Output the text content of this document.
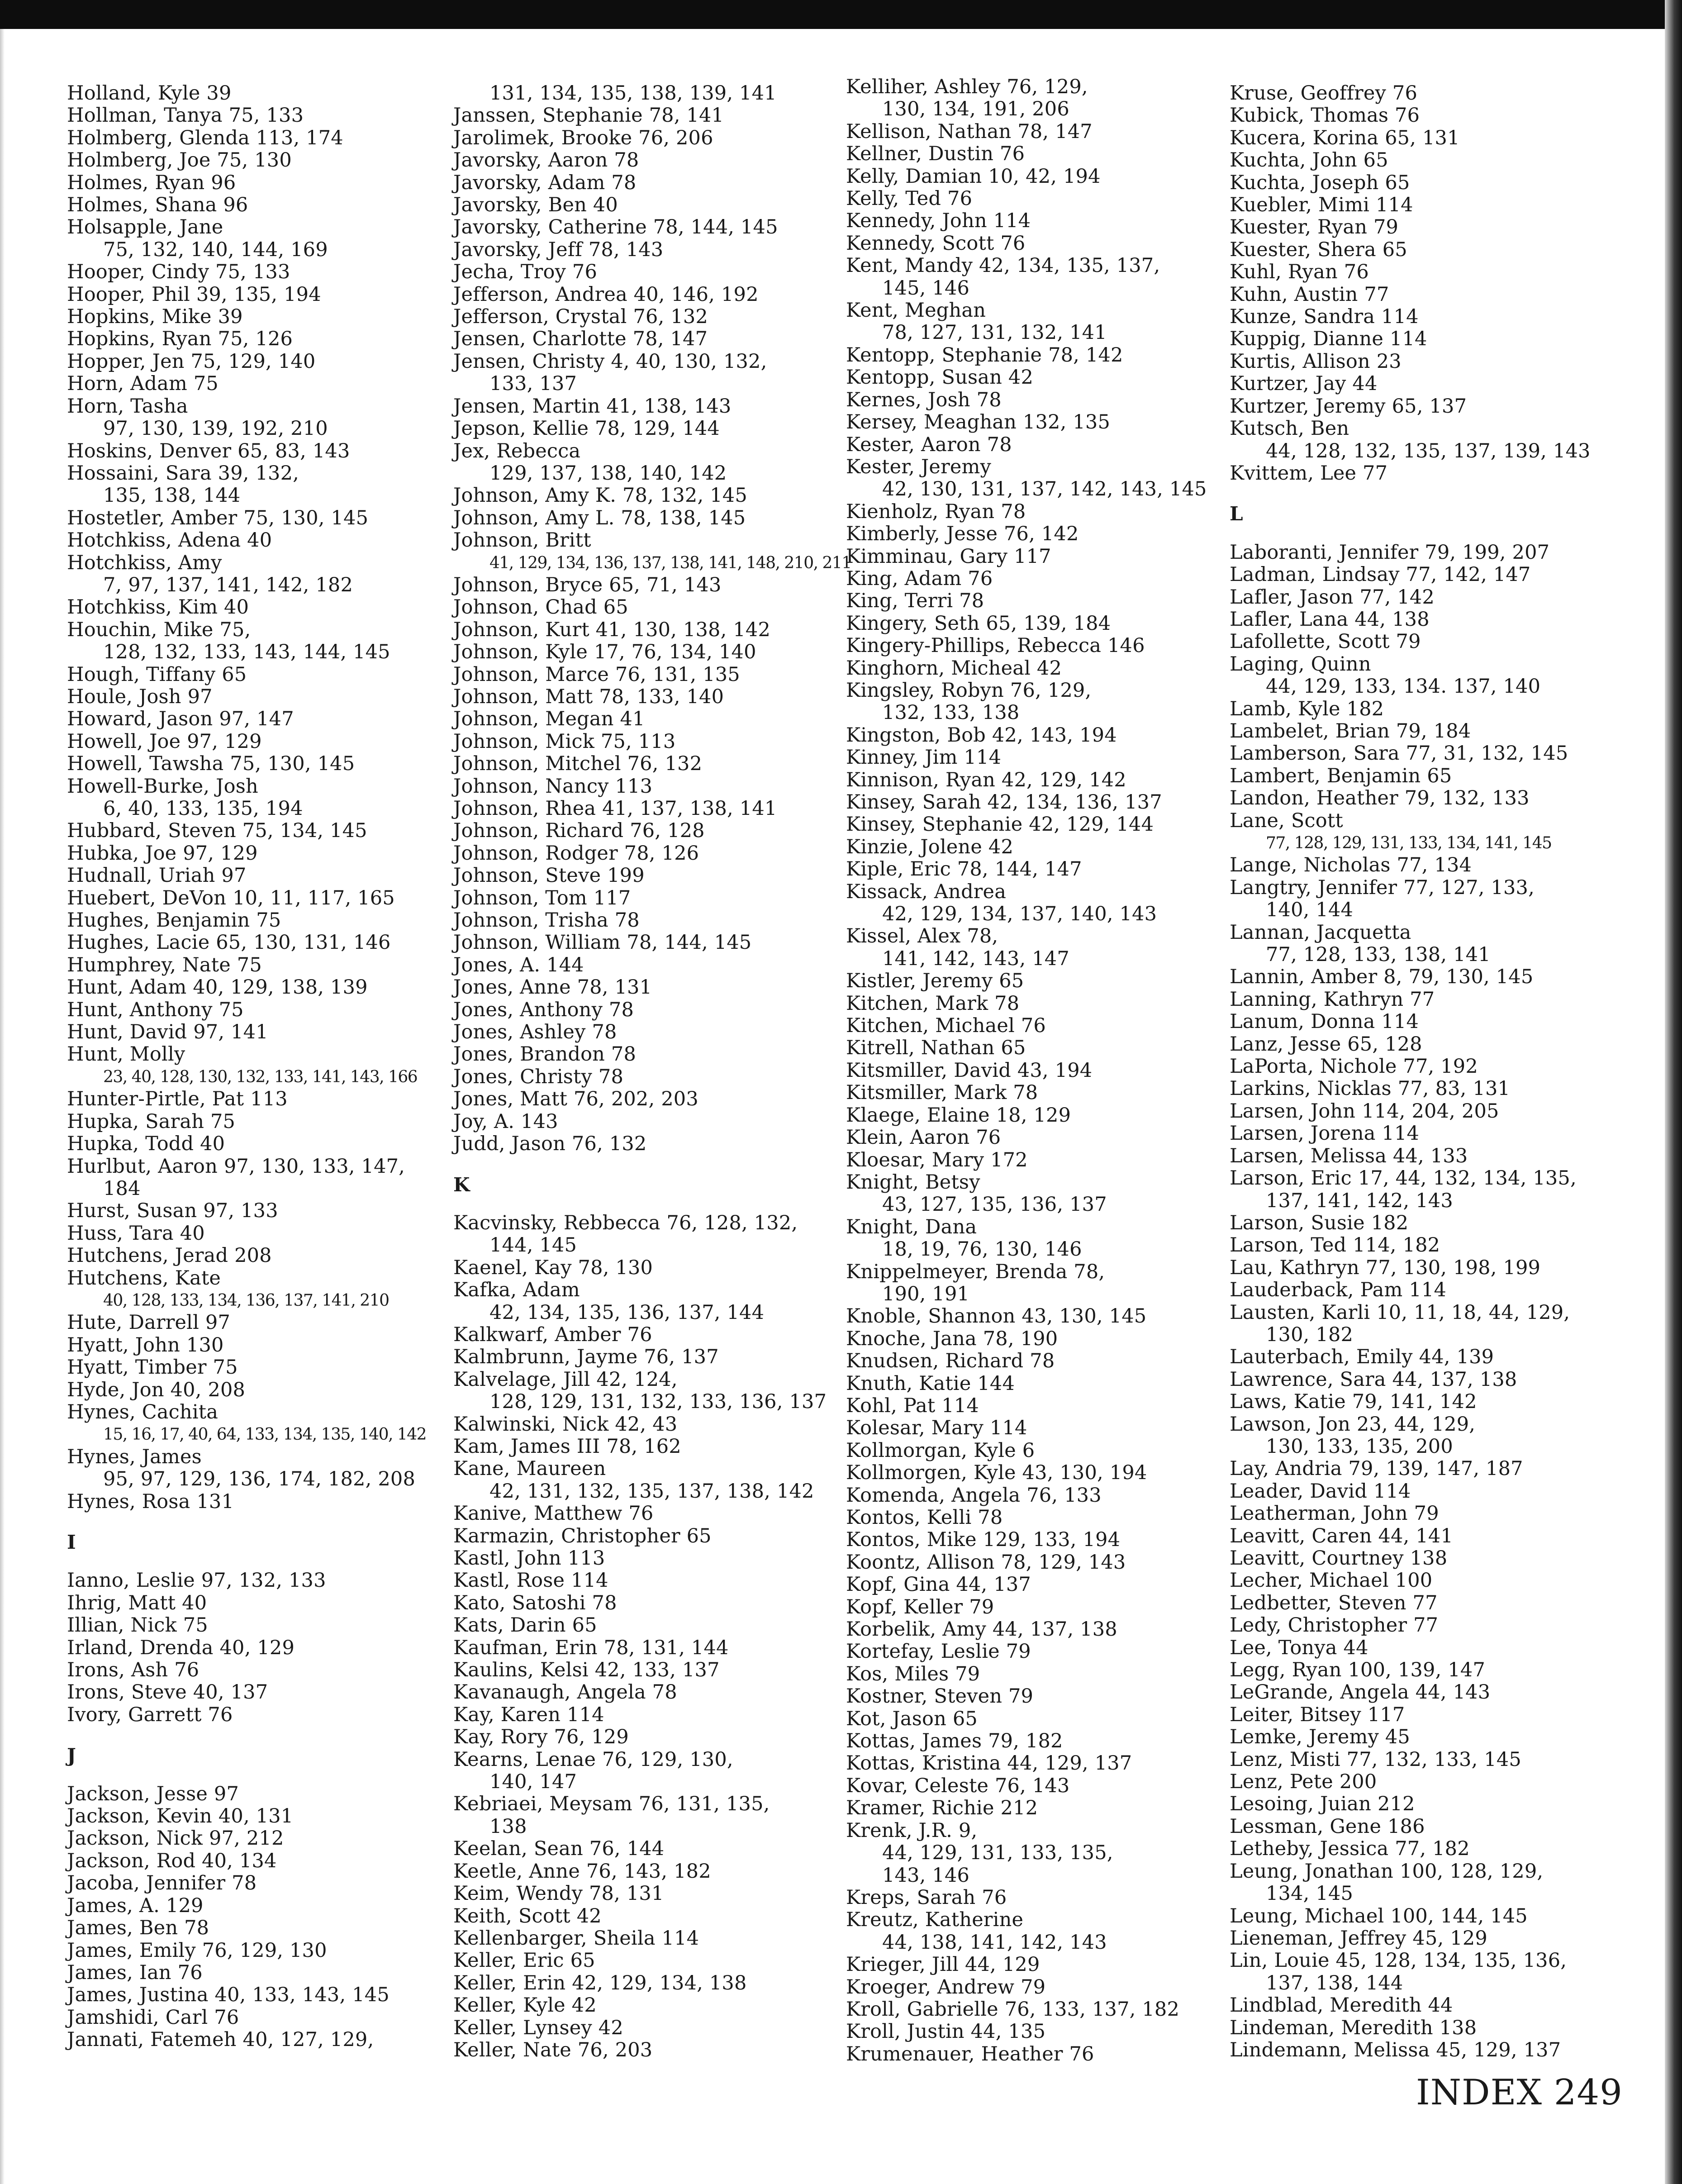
Holland, Kyle 39
Hollman, Tanya 75, 133
Holmberg, Glenda 113, 174
Holmberg, Joe 75, 130
Holmes, Ryan 96
Holmes, Shana 96
Holsapple, Jane
75, 132, 140, 144, 169
Hooper, Cindy 75, 133
Hooper, Phil 39, 135, 194
Hopkins, Mike 39
Hopkins, Ryan 75, 126
Hopper, Jen 75, 129, 140
Horn, Adam 75
Horn, Tasha
97, 130, 139, 192, 210
Hoskins, Denver 65, 83, 143
Hossaini, Sara 39, 132,
135, 138, 144
Hostetler, Amber 75, 130, 145
Hotchkiss, Adena 40
Hotchkiss, Amy
7, 97, 137, 141, 142, 182
Hotchkiss, Kim 40
Houchin, Mike 75,
128, 132, 133, 143, 144, 145
Hough, Tiffany 65
Houle, Josh 97
Howard, Jason 97, 147
Howell, Joe 97, 129
Howell, Tawsha 75, 130, 145
Howell-Burke, Josh
6, 40, 133, 135, 194
Hubbard, Steven 75, 134, 145
Hubka, Joe 97, 129
Hudnall, Uriah 97
Huebert, DeVon 10, 11, 117, 165
Hughes, Benjamin 75
Hughes, Lacie 65, 130, 131, 146
Humphrey, Nate 75
Hunt, Adam 40, 129, 138, 139
Hunt, Anthony 75
Hunt, David 97, 141
Hunt, Molly
23, 40, 128, 130, 132, 133, 141, 143, 166
Hunter-Pirtle, Pat 113
Hupka, Sarah 75
Hupka, Todd 40
Hurlbut, Aaron 97, 130, 133, 147,
184
Hurst, Susan 97, 133
Huss, Tara 40
Hutchens, Jerad 208
Hutchens, Kate
40, 128, 133, 134, 136, 137, 141, 210
Hute, Darrell 97
Hyatt, John 130
Hyatt, Timber 75
Hyde, Jon 40, 208
Hynes, Cachita
15, 16, 17, 40, 64, 133, 134, 135, 140, 142
Hynes, James
95, 97, 129, 136, 174, 182, 208
Hynes, Rosa 131
I
Ianno, Leslie 97, 132, 133
Ihrig, Matt 40
Illian, Nick 75
Irland, Drenda 40, 129
Irons, Ash 76
Irons, Steve 40, 137
Ivory, Garrett 76
J
Jackson, Jesse 97
Jackson, Kevin 40, 131
Jackson, Nick 97, 212
Jackson, Rod 40, 134
Jacoba, Jennifer 78
James, A. 129
James, Ben 78
James, Emily 76, 129, 130
James, Ian 76
James, Justina 40, 133, 143, 145
Jamshidi, Carl 76
Jannati, Fatemeh 40, 127, 129,
131, 134, 135, 138, 139, 141
Janssen, Stephanie 78, 141
Jarolimek, Brooke 76, 206
Javorsky, Aaron 78
Javorsky, Adam 78
Javorsky, Ben 40
Javorsky, Catherine 78, 144, 145
Javorsky, Jeff 78, 143
Jecha, Troy 76
Jefferson, Andrea 40, 146, 192
Jefferson, Crystal 76, 132
Jensen, Charlotte 78, 147
Jensen, Christy 4, 40, 130, 132,
133, 137
Jensen, Martin 41, 138, 143
Jepson, Kellie 78, 129, 144
Jex, Rebecca
129, 137, 138, 140, 142
Johnson, Amy K. 78, 132, 145
Johnson, Amy L. 78, 138, 145
Johnson, Britt
41, 129, 134, 136, 137, 138, 141, 148, 210, 211
Johnson, Bryce 65, 71, 143
Johnson, Chad 65
Johnson, Kurt 41, 130, 138, 142
Johnson, Kyle 17, 76, 134, 140
Johnson, Marce 76, 131, 135
Johnson, Matt 78, 133, 140
Johnson, Megan 41
Johnson, Mick 75, 113
Johnson, Mitchel 76, 132
Johnson, Nancy 113
Johnson, Rhea 41, 137, 138, 141
Johnson, Richard 76, 128
Johnson, Rodger 78, 126
Johnson, Steve 199
Johnson, Tom 117
Johnson, Trisha 78
Johnson, William 78, 144, 145
Jones, A. 144
Jones, Anne 78, 131
Jones, Anthony 78
Jones, Ashley 78
Jones, Brandon 78
Jones, Christy 78
Jones, Matt 76, 202, 203
Joy, A. 143
Judd, Jason 76, 132
K
Kacvinsky, Rebbecca 76, 128, 132,
144, 145
Kaenel, Kay 78, 130
Kafka, Adam
42, 134, 135, 136, 137, 144
Kalkwarf, Amber 76
Kalmbrunn, Jayme 76, 137
Kalvelage, Jill 42, 124,
128, 129, 131, 132, 133, 136, 137
Kalwinski, Nick 42, 43
Kam, James III 78, 162
Kane, Maureen
42, 131, 132, 135, 137, 138, 142
Kanive, Matthew 76
Karmazin, Christopher 65
Kastl, John 113
Kastl, Rose 114
Kato, Satoshi 78
Kats, Darin 65
Kaufman, Erin 78, 131, 144
Kaulins, Kelsi 42, 133, 137
Kavanaugh, Angela 78
Kay, Karen 114
Kay, Rory 76, 129
Kearns, Lenae 76, 129, 130,
140, 147
Kebriaei, Meysam 76, 131, 135,
138
Keelan, Sean 76, 144
Keetle, Anne 76, 143, 182
Keim, Wendy 78, 131
Keith, Scott 42
Kellenbarger, Sheila 114
Keller, Eric 65
Keller, Erin 42, 129, 134, 138
Keller, Kyle 42
Keller, Lynsey 42
Keller, Nate 76, 203
Kelliher, Ashley 76, 129,
130, 134, 191, 206
Kellison, Nathan 78, 147
Kellner, Dustin 76
Kelly, Damian 10, 42, 194
Kelly, Ted 76
Kennedy, John 114
Kennedy, Scott 76
Kent, Mandy 42, 134, 135, 137,
145, 146
Kent, Meghan
78, 127, 131, 132, 141
Kentopp, Stephanie 78, 142
Kentopp, Susan 42
Kernes, Josh 78
Kersey, Meaghan 132, 135
Kester, Aaron 78
Kester, Jeremy
42, 130, 131, 137, 142, 143, 145
Kienholz, Ryan 78
Kimberly, Jesse 76, 142
Kimminau, Gary 117
King, Adam 76
King, Terri 78
Kingery, Seth 65, 139, 184
Kingery-Phillips, Rebecca 146
Kinghorn, Micheal 42
Kingsley, Robyn 76, 129,
132, 133, 138
Kingston, Bob 42, 143, 194
Kinney, Jim 114
Kinnison, Ryan 42, 129, 142
Kinsey, Sarah 42, 134, 136, 137
Kinsey, Stephanie 42, 129, 144
Kinzie, Jolene 42
Kiple, Eric 78, 144, 147
Kissack, Andrea
42, 129, 134, 137, 140, 143
Kissel, Alex 78,
141, 142, 143, 147
Kistler, Jeremy 65
Kitchen, Mark 78
Kitchen, Michael 76
Kitrell, Nathan 65
Kitsmiller, David 43, 194
Kitsmiller, Mark 78
Klaege, Elaine 18, 129
Klein, Aaron 76
Kloesar, Mary 172
Knight, Betsy
43, 127, 135, 136, 137
Knight, Dana
18, 19, 76, 130, 146
Knippelmeyer, Brenda 78,
190, 191
Knoble, Shannon 43, 130, 145
Knoche, Jana 78, 190
Knudsen, Richard 78
Knuth, Katie 144
Kohl, Pat 114
Kolesar, Mary 114
Kollmorgan, Kyle 6
Kollmorgen, Kyle 43, 130, 194
Komenda, Angela 76, 133
Kontos, Kelli 78
Kontos, Mike 129, 133, 194
Koontz, Allison 78, 129, 143
Kopf, Gina 44, 137
Kopf, Keller 79
Korbelik, Amy 44, 137, 138
Kortefay, Leslie 79
Kos, Miles 79
Kostner, Steven 79
Kot, Jason 65
Kottas, James 79, 182
Kottas, Kristina 44, 129, 137
Kovar, Celeste 76, 143
Kramer, Richie 212
Krenk, J.R. 9,
44, 129, 131, 133, 135,
143, 146
Kreps, Sarah 76
Kreutz, Katherine
44, 138, 141, 142, 143
Krieger, Jill 44, 129
Kroeger, Andrew 79
Kroll, Gabrielle 76, 133, 137, 182
Kroll, Justin 44, 135
Krumenauer, Heather 76
Kruse, Geoffrey 76
Kubick, Thomas 76
Kucera, Korina 65, 131
Kuchta, John 65
Kuchta, Joseph 65
Kuebler, Mimi 114
Kuester, Ryan 79
Kuester, Shera 65
Kuhl, Ryan 76
Kuhn, Austin 77
Kunze, Sandra 114
Kuppig, Dianne 114
Kurtis, Allison 23
Kurtzer, Jay 44
Kurtzer, Jeremy 65, 137
Kutsch, Ben
44, 128, 132, 135, 137, 139, 143
Kvittem, Lee 77
L
Laboranti, Jennifer 79, 199, 207
Ladman, Lindsay 77, 142, 147
Lafler, Jason 77, 142
Lafler, Lana 44, 138
Lafollette, Scott 79
Laging, Quinn
44, 129, 133, 134. 137, 140
Lamb, Kyle 182
Lambelet, Brian 79, 184
Lamberson, Sara 77, 31, 132, 145
Lambert, Benjamin 65
Landon, Heather 79, 132, 133
Lane, Scott
77, 128, 129, 131, 133, 134, 141, 145
Lange, Nicholas 77, 134
Langtry, Jennifer 77, 127, 133,
140, 144
Lannan, Jacquetta
77, 128, 133, 138, 141
Lannin, Amber 8, 79, 130, 145
Lanning, Kathryn 77
Lanum, Donna 114
Lanz, Jesse 65, 128
LaPorta, Nichole 77, 192
Larkins, Nicklas 77, 83, 131
Larsen, John 114, 204, 205
Larsen, Jorena 114
Larsen, Melissa 44, 133
Larson, Eric 17, 44, 132, 134, 135,
137, 141, 142, 143
Larson, Susie 182
Larson, Ted 114, 182
Lau, Kathryn 77, 130, 198, 199
Lauderback, Pam 114
Lausten, Karli 10, 11, 18, 44, 129,
130, 182
Lauterbach, Emily 44, 139
Lawrence, Sara 44, 137, 138
Laws, Katie 79, 141, 142
Lawson, Jon 23, 44, 129,
130, 133, 135, 200
Lay, Andria 79, 139, 147, 187
Leader, David 114
Leatherman, John 79
Leavitt, Caren 44, 141
Leavitt, Courtney 138
Lecher, Michael 100
Ledbetter, Steven 77
Ledy, Christopher 77
Lee, Tonya 44
Legg, Ryan 100, 139, 147
LeGrande, Angela 44, 143
Leiter, Bitsey 117
Lemke, Jeremy 45
Lenz, Misti 77, 132, 133, 145
Lenz, Pete 200
Lesoing, Juian 212
Lessman, Gene 186
Letheby, Jessica 77, 182
Leung, Jonathan 100, 128, 129,
134, 145
Leung, Michael 100, 144, 145
Lieneman, Jeffrey 45, 129
Lin, Louie 45, 128, 134, 135, 136,
137, 138, 144
Lindblad, Meredith 44
Lindeman, Meredith 138
Lindemann, Melissa 45, 129, 137
INDEX 249
